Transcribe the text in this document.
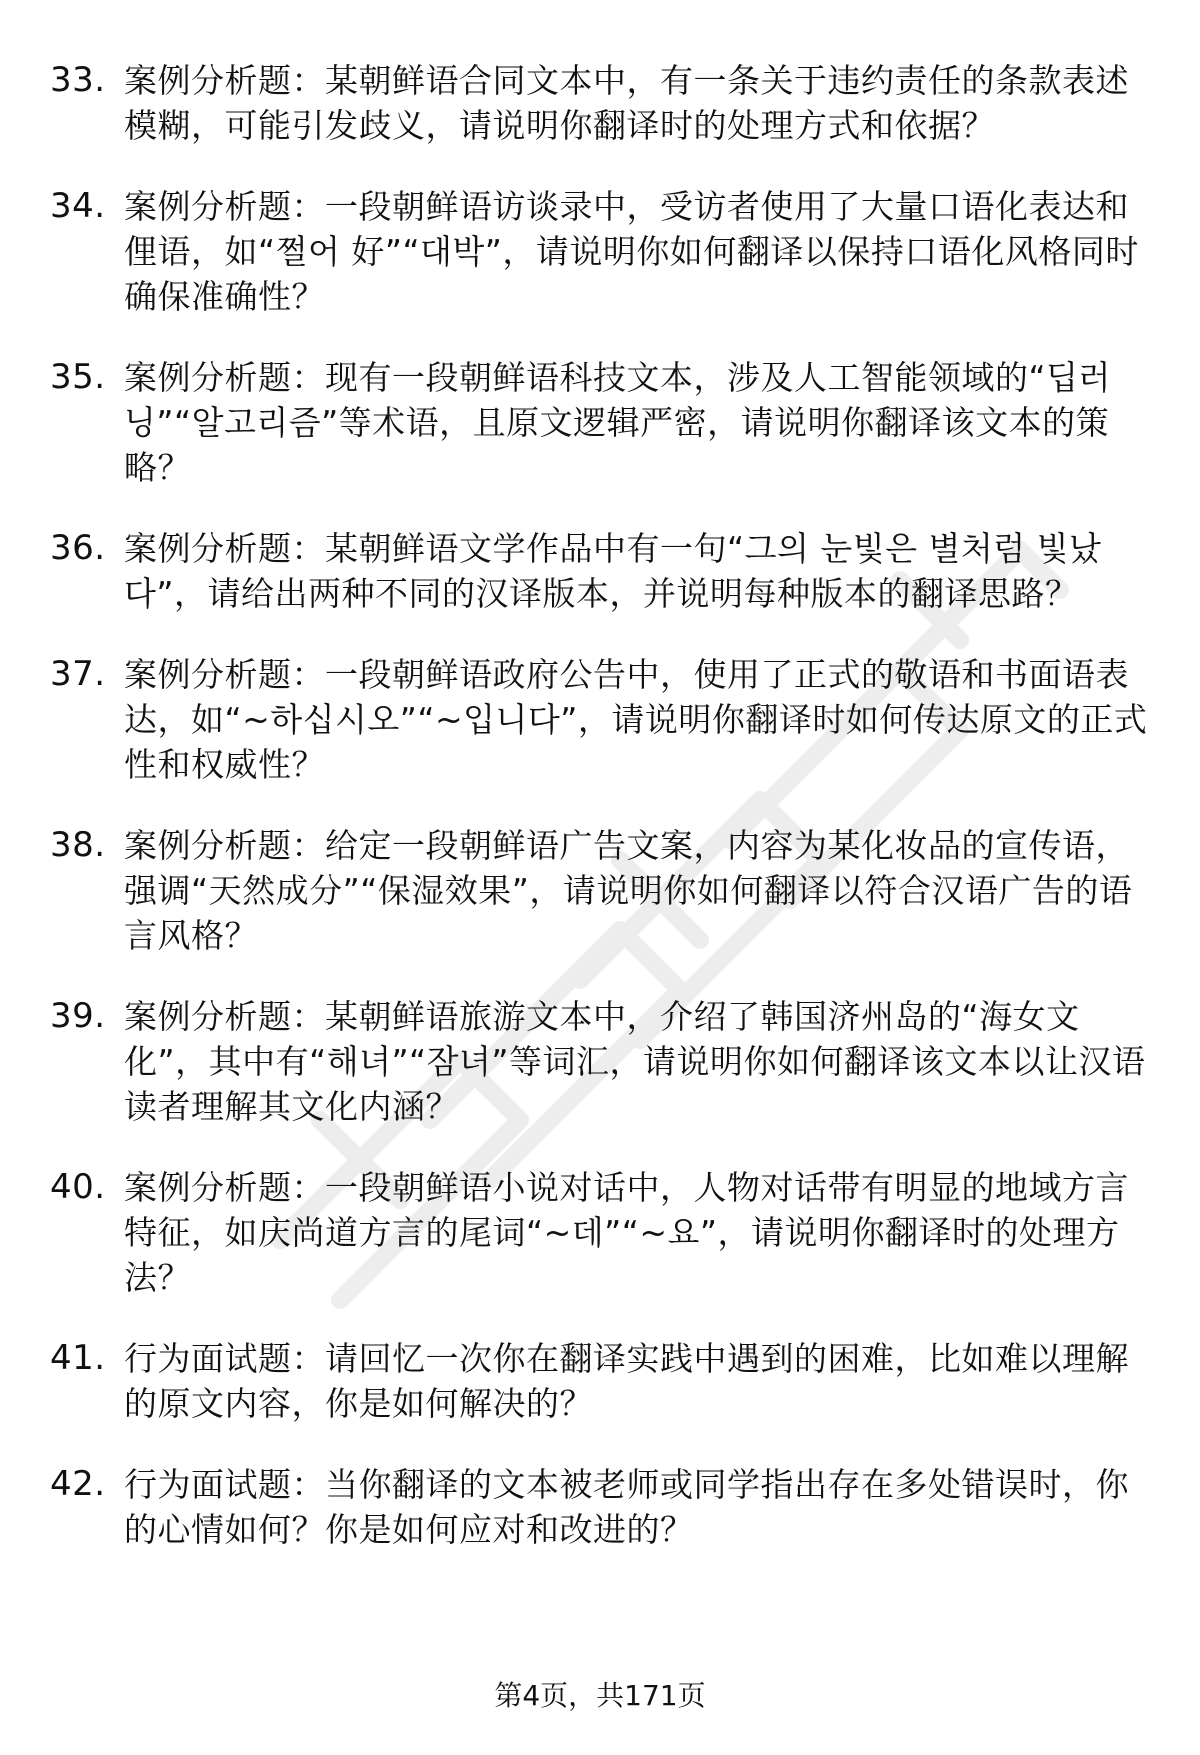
33. 案例分析题：某朝鲜语合同文本中，有一条关于违约责任的条款表述模糊，可能引发歧义，请说明你翻译时的处理方式和依据？
34. 案例分析题：一段朝鲜语访谈录中，受访者使用了大量口语化表达和俚语，如“쩔어 好”“대박”，请说明你如何翻译以保持口语化风格同时确保准确性？
35. 案例分析题：现有一段朝鲜语科技文本，涉及人工智能领域的“딥러닝”“알고리즘”等术语，且原文逻辑严密，请说明你翻译该文本的策略？
36. 案例分析题：某朝鲜语文学作品中有一句“그의 눈빛은 별처럼 빛났다”，请给出两种不同的汉译版本，并说明每种版本的翻译思路？
37. 案例分析题：一段朝鲜语政府公告中，使用了正式的敬语和书面语表达，如“~하십시오”“~입니다”，请说明你翻译时如何传达原文的正式性和权威性？
38. 案例分析题：给定一段朝鲜语广告文案，内容为某化妆品的宣传语，强调“天然成分”“保湿效果”，请说明你如何翻译以符合汉语广告的语言风格？
39. 案例分析题：某朝鲜语旅游文本中，介绍了韩国济州岛的“海女文化”，其中有“해녀”“잠녀”等词汇，请说明你如何翻译该文本以让汉语读者理解其文化内涵？
40. 案例分析题：一段朝鲜语小说对话中，人物对话带有明显的地域方言特征，如庆尚道方言的尾词“~데”“~요”，请说明你翻译时的处理方法？
41. 行为面试题：请回忆一次你在翻译实践中遇到的困难，比如难以理解的原文内容，你是如何解决的？
42. 行为面试题：当你翻译的文本被老师或同学指出存在多处错误时，你的心情如何？你是如何应对和改进的？
第4页，共171页
